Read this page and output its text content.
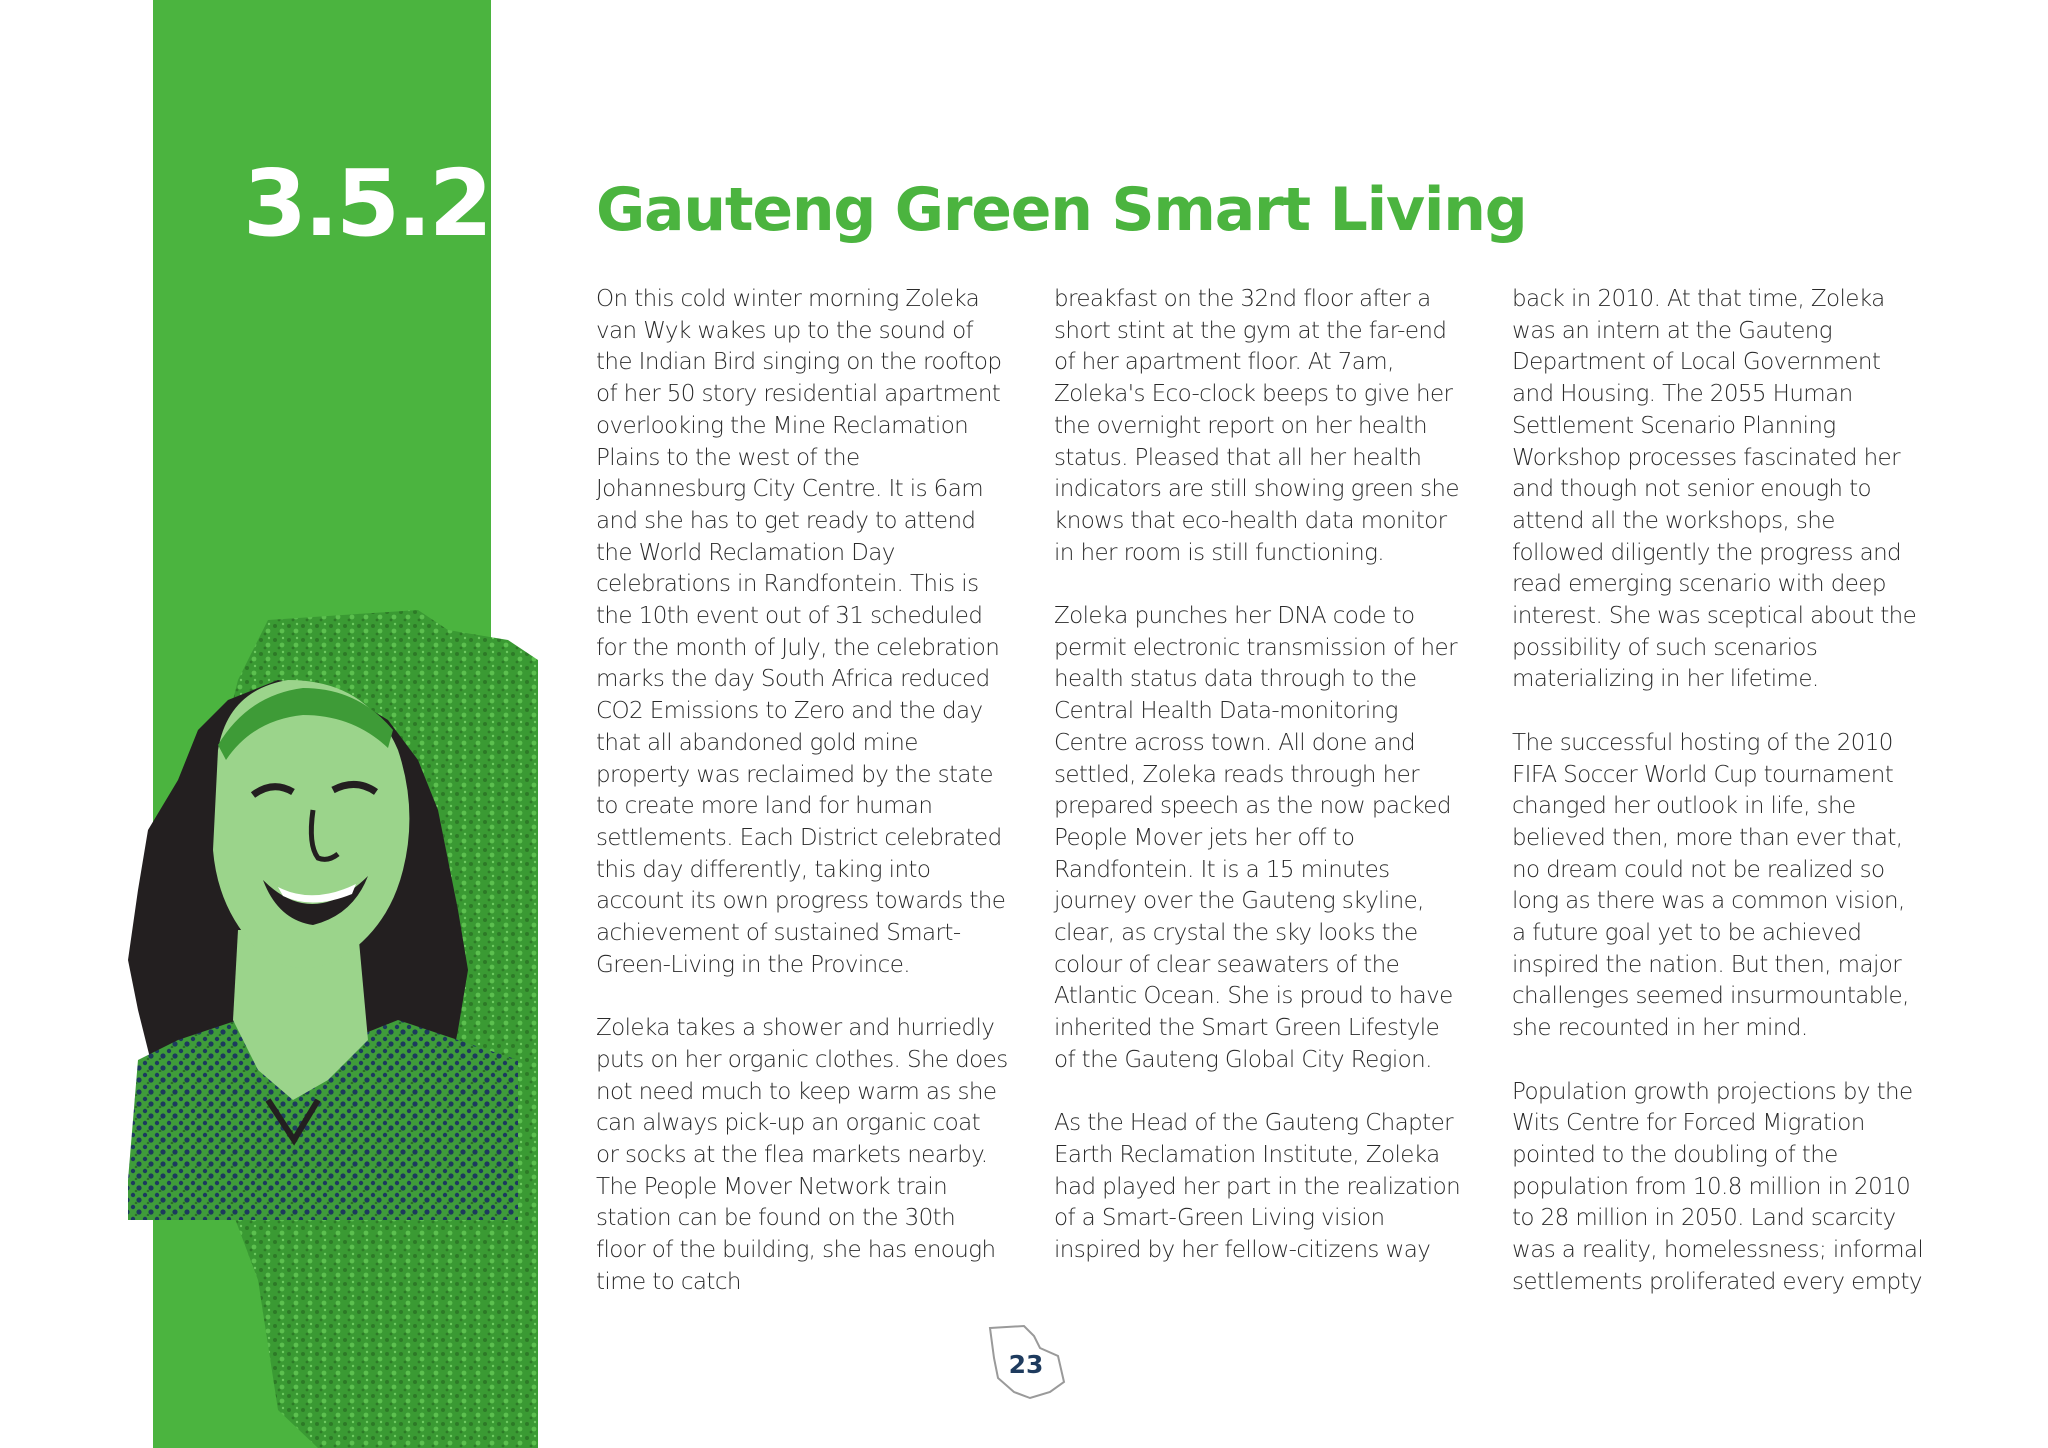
3.5.2 Gauteng Green Smart Living

On this cold winter morning Zoleka van Wyk wakes up to the sound of the Indian Bird singing on the rooftop of her 50 story residential apartment overlooking the Mine Reclamation Plains to the west of the Johannesburg City Centre. It is 6am and she has to get ready to attend the World Reclamation Day celebrations in Randfontein. This is the 10th event out of 31 scheduled for the month of July, the celebration marks the day South Africa reduced CO2 Emissions to Zero and the day that all abandoned gold mine property was reclaimed by the state to create more land for human settlements. Each District celebrated this day differently, taking into account its own progress towards the achievement of sustained Smart-Green-Living in the Province.

Zoleka takes a shower and hurriedly puts on her organic clothes. She does not need much to keep warm as she can always pick-up an organic coat or socks at the flea markets nearby. The People Mover Network train station can be found on the 30th floor of the building, she has enough time to catch

breakfast on the 32nd floor after a short stint at the gym at the far-end of her apartment floor. At 7am, Zoleka's Eco-clock beeps to give her the overnight report on her health status. Pleased that all her health indicators are still showing green she knows that eco-health data monitor in her room is still functioning.

Zoleka punches her DNA code to permit electronic transmission of her health status data through to the Central Health Data-monitoring Centre across town. All done and settled, Zoleka reads through her prepared speech as the now packed People Mover jets her off to Randfontein. It is a 15 minutes journey over the Gauteng skyline, clear, as crystal the sky looks the colour of clear seawaters of the Atlantic Ocean. She is proud to have inherited the Smart Green Lifestyle of the Gauteng Global City Region.

As the Head of the Gauteng Chapter Earth Reclamation Institute, Zoleka had played her part in the realization of a Smart-Green Living vision inspired by her fellow-citizens way

back in 2010. At that time, Zoleka was an intern at the Gauteng Department of Local Government and Housing. The 2055 Human Settlement Scenario Planning Workshop processes fascinated her and though not senior enough to attend all the workshops, she followed diligently the progress and read emerging scenario with deep interest. She was sceptical about the possibility of such scenarios materializing in her lifetime.

The successful hosting of the 2010 FIFA Soccer World Cup tournament changed her outlook in life, she believed then, more than ever that, no dream could not be realized so long as there was a common vision, a future goal yet to be achieved inspired the nation. But then, major challenges seemed insurmountable, she recounted in her mind.

Population growth projections by the Wits Centre for Forced Migration pointed to the doubling of the population from 10.8 million in 2010 to 28 million in 2050. Land scarcity was a reality, homelessness; informal settlements proliferated every empty

23
